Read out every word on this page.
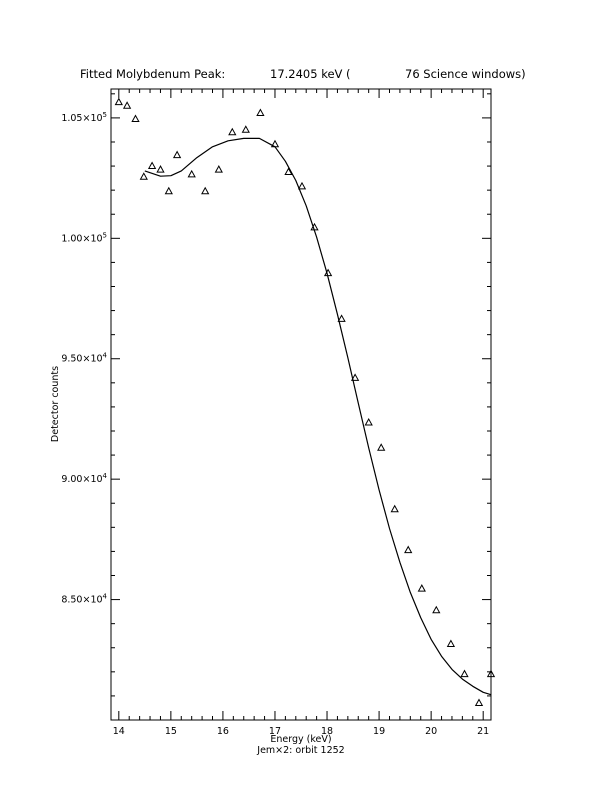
Fitted Molybdenum Peak:	17.2405 keV (	76 Science windows)
14	15	16	17	18	19	20	21
$8.50\times 10^4$
$9.00\times 10^4$
$9.50\times 10^4$
$1.00\times 10^5$
$1.05\times 10^5$
Energy (keV)
Jem×2: orbit 1252
Detector counts
